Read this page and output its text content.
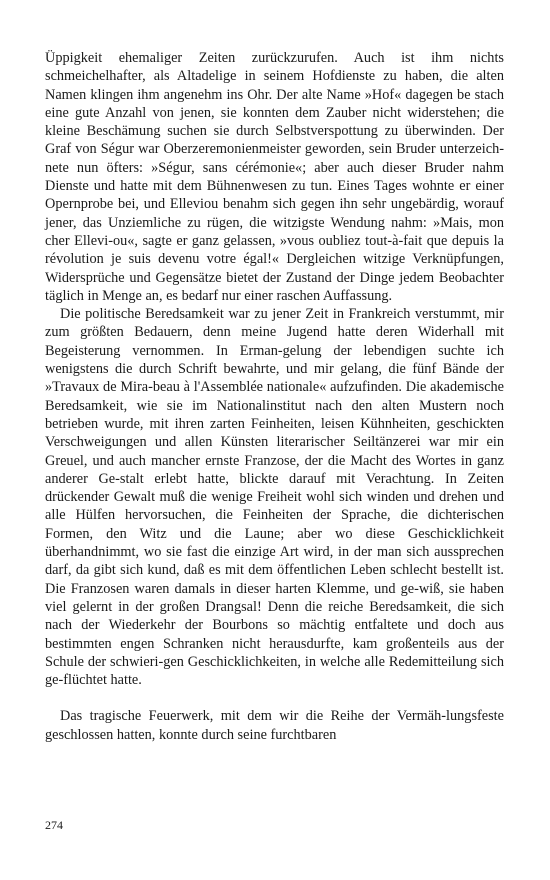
Üppigkeit ehemaliger Zeiten zurückzurufen. Auch ist ihm nichts schmeichelhafter, als Altadelige in seinem Hofdienste zu haben, die alten Namen klingen ihm angenehm ins Ohr. Der alte Name »Hof« dagegen be stach eine gute Anzahl von jenen, sie konnten dem Zauber nicht widerstehen; die kleine Beschämung suchen sie durch Selbstverspottung zu überwinden. Der Graf von Ségur war Oberzeremonienmeister geworden, sein Bruder unterzeich-nete nun öfters: »Ségur, sans cérémonie«; aber auch dieser Bruder nahm Dienste und hatte mit dem Bühnenwesen zu tun. Eines Tages wohnte er einer Opernprobe bei, und Elleviou benahm sich gegen ihn sehr ungebärdig, worauf jener, das Unziemliche zu rügen, die witzigste Wendung nahm: »Mais, mon cher Ellevi-ou«, sagte er ganz gelassen, »vous oubliez tout-à-fait que depuis la révolution je suis devenu votre égal!« Dergleichen witzige Verknüpfungen, Widersprüche und Gegensätze bietet der Zustand der Dinge jedem Beobachter täglich in Menge an, es bedarf nur einer raschen Auffassung.

Die politische Beredsamkeit war zu jener Zeit in Frankreich verstummt, mir zum größten Bedauern, denn meine Jugend hatte deren Widerhall mit Begeisterung vernommen. In Erman-gelung der lebendigen suchte ich wenigstens die durch Schrift bewahrte, und mir gelang, die fünf Bände der »Travaux de Mira-beau à l'Assemblée nationale« aufzufinden. Die akademische Beredsamkeit, wie sie im Nationalinstitut nach den alten Mustern noch betrieben wurde, mit ihren zarten Feinheiten, leisen Kühnheiten, geschickten Verschweigungen und allen Künsten literarischer Seiltänzerei war mir ein Greuel, und auch mancher ernste Franzose, der die Macht des Wortes in ganz anderer Ge-stalt erlebt hatte, blickte darauf mit Verachtung. In Zeiten drückender Gewalt muß die wenige Freiheit wohl sich winden und drehen und alle Hülfen hervorsuchen, die Feinheiten der Sprache, die dichterischen Formen, den Witz und die Laune; aber wo diese Geschicklichkeit überhandnimmt, wo sie fast die einzige Art wird, in der man sich aussprechen darf, da gibt sich kund, daß es mit dem öffentlichen Leben schlecht bestellt ist. Die Franzosen waren damals in dieser harten Klemme, und ge-wiß, sie haben viel gelernt in der großen Drangsal! Denn die reiche Beredsamkeit, die sich nach der Wiederkehr der Bourbons so mächtig entfaltete und doch aus bestimmten engen Schranken nicht herausdurfte, kam großenteils aus der Schule der schwieri-gen Geschicklichkeiten, in welche alle Redemitteilung sich ge-flüchtet hatte.

Das tragische Feuerwerk, mit dem wir die Reihe der Vermäh-lungsfeste geschlossen hatten, konnte durch seine furchtbaren

274
